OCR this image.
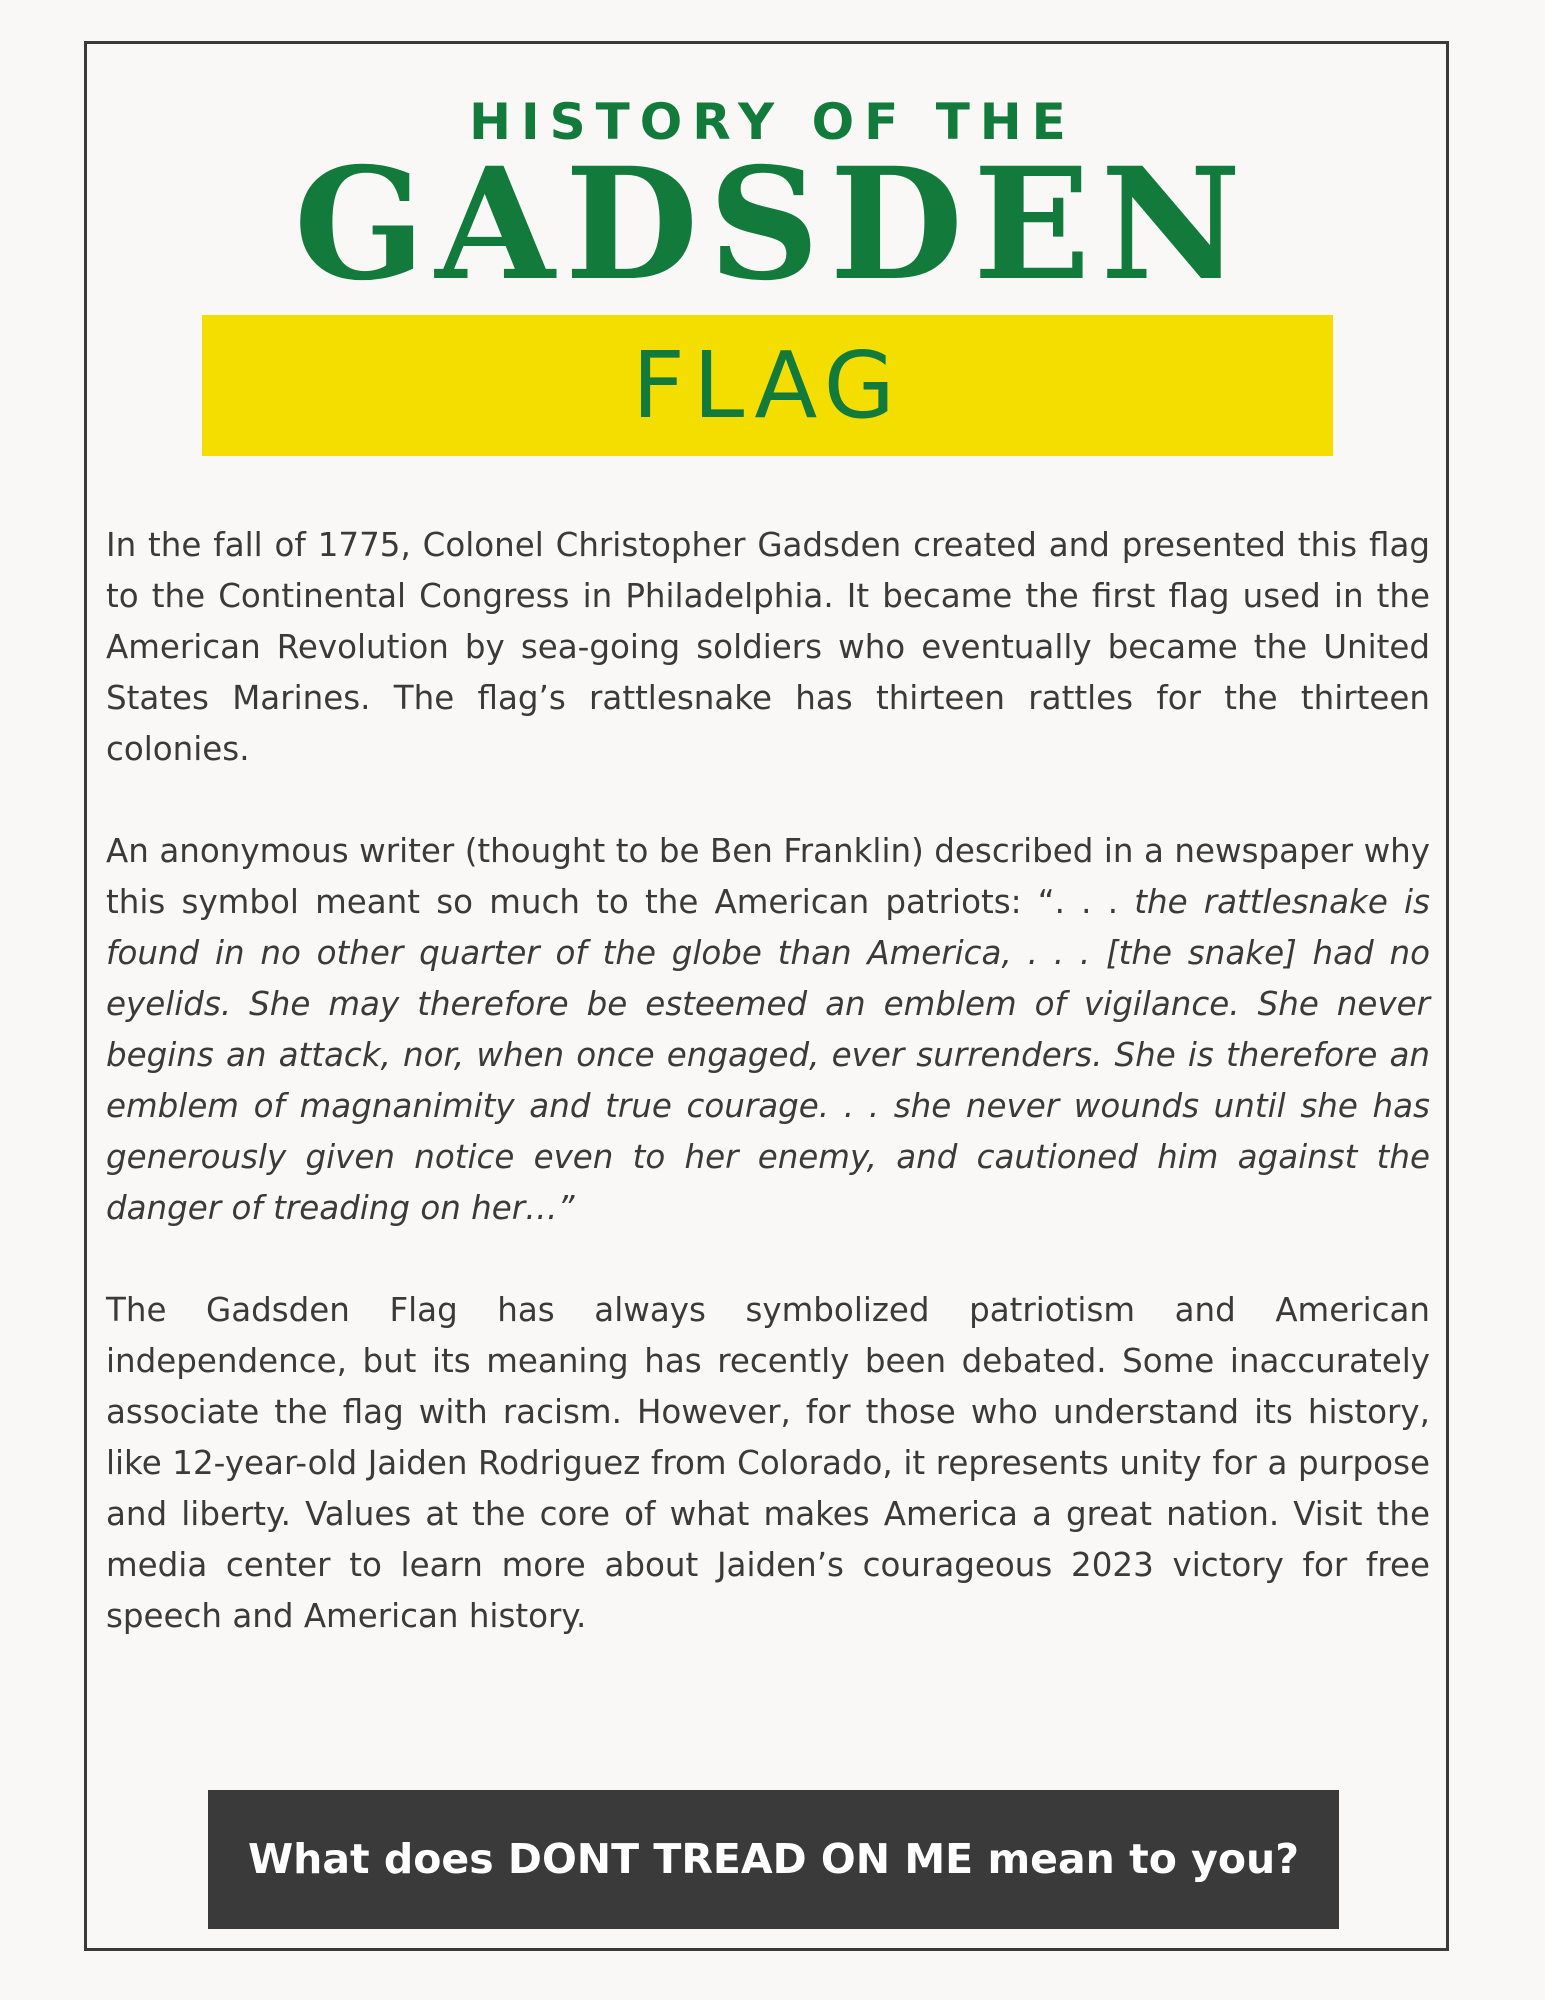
HISTORY OF THE
GADSDEN
FLAG

In the fall of 1775, Colonel Christopher Gadsden created and presented this flag to the Continental Congress in Philadelphia. It became the first flag used in the American Revolution by sea-going soldiers who eventually became the United States Marines. The flag’s rattlesnake has thirteen rattles for the thirteen colonies.

An anonymous writer (thought to be Ben Franklin) described in a newspaper why this symbol meant so much to the American patriots: “. . . the rattlesnake is found in no other quarter of the globe than America, . . . [the snake] had no eyelids. She may therefore be esteemed an emblem of vigilance. She never begins an attack, nor, when once engaged, ever surrenders. She is therefore an emblem of magnanimity and true courage. . . she never wounds until she has generously given notice even to her enemy, and cautioned him against the danger of treading on her…”

The Gadsden Flag has always symbolized patriotism and American independence, but its meaning has recently been debated. Some inaccurately associate the flag with racism. However, for those who understand its history, like 12-year-old Jaiden Rodriguez from Colorado, it represents unity for a purpose and liberty. Values at the core of what makes America a great nation. Visit the media center to learn more about Jaiden’s courageous 2023 victory for free speech and American history.

What does DONT TREAD ON ME mean to you?
